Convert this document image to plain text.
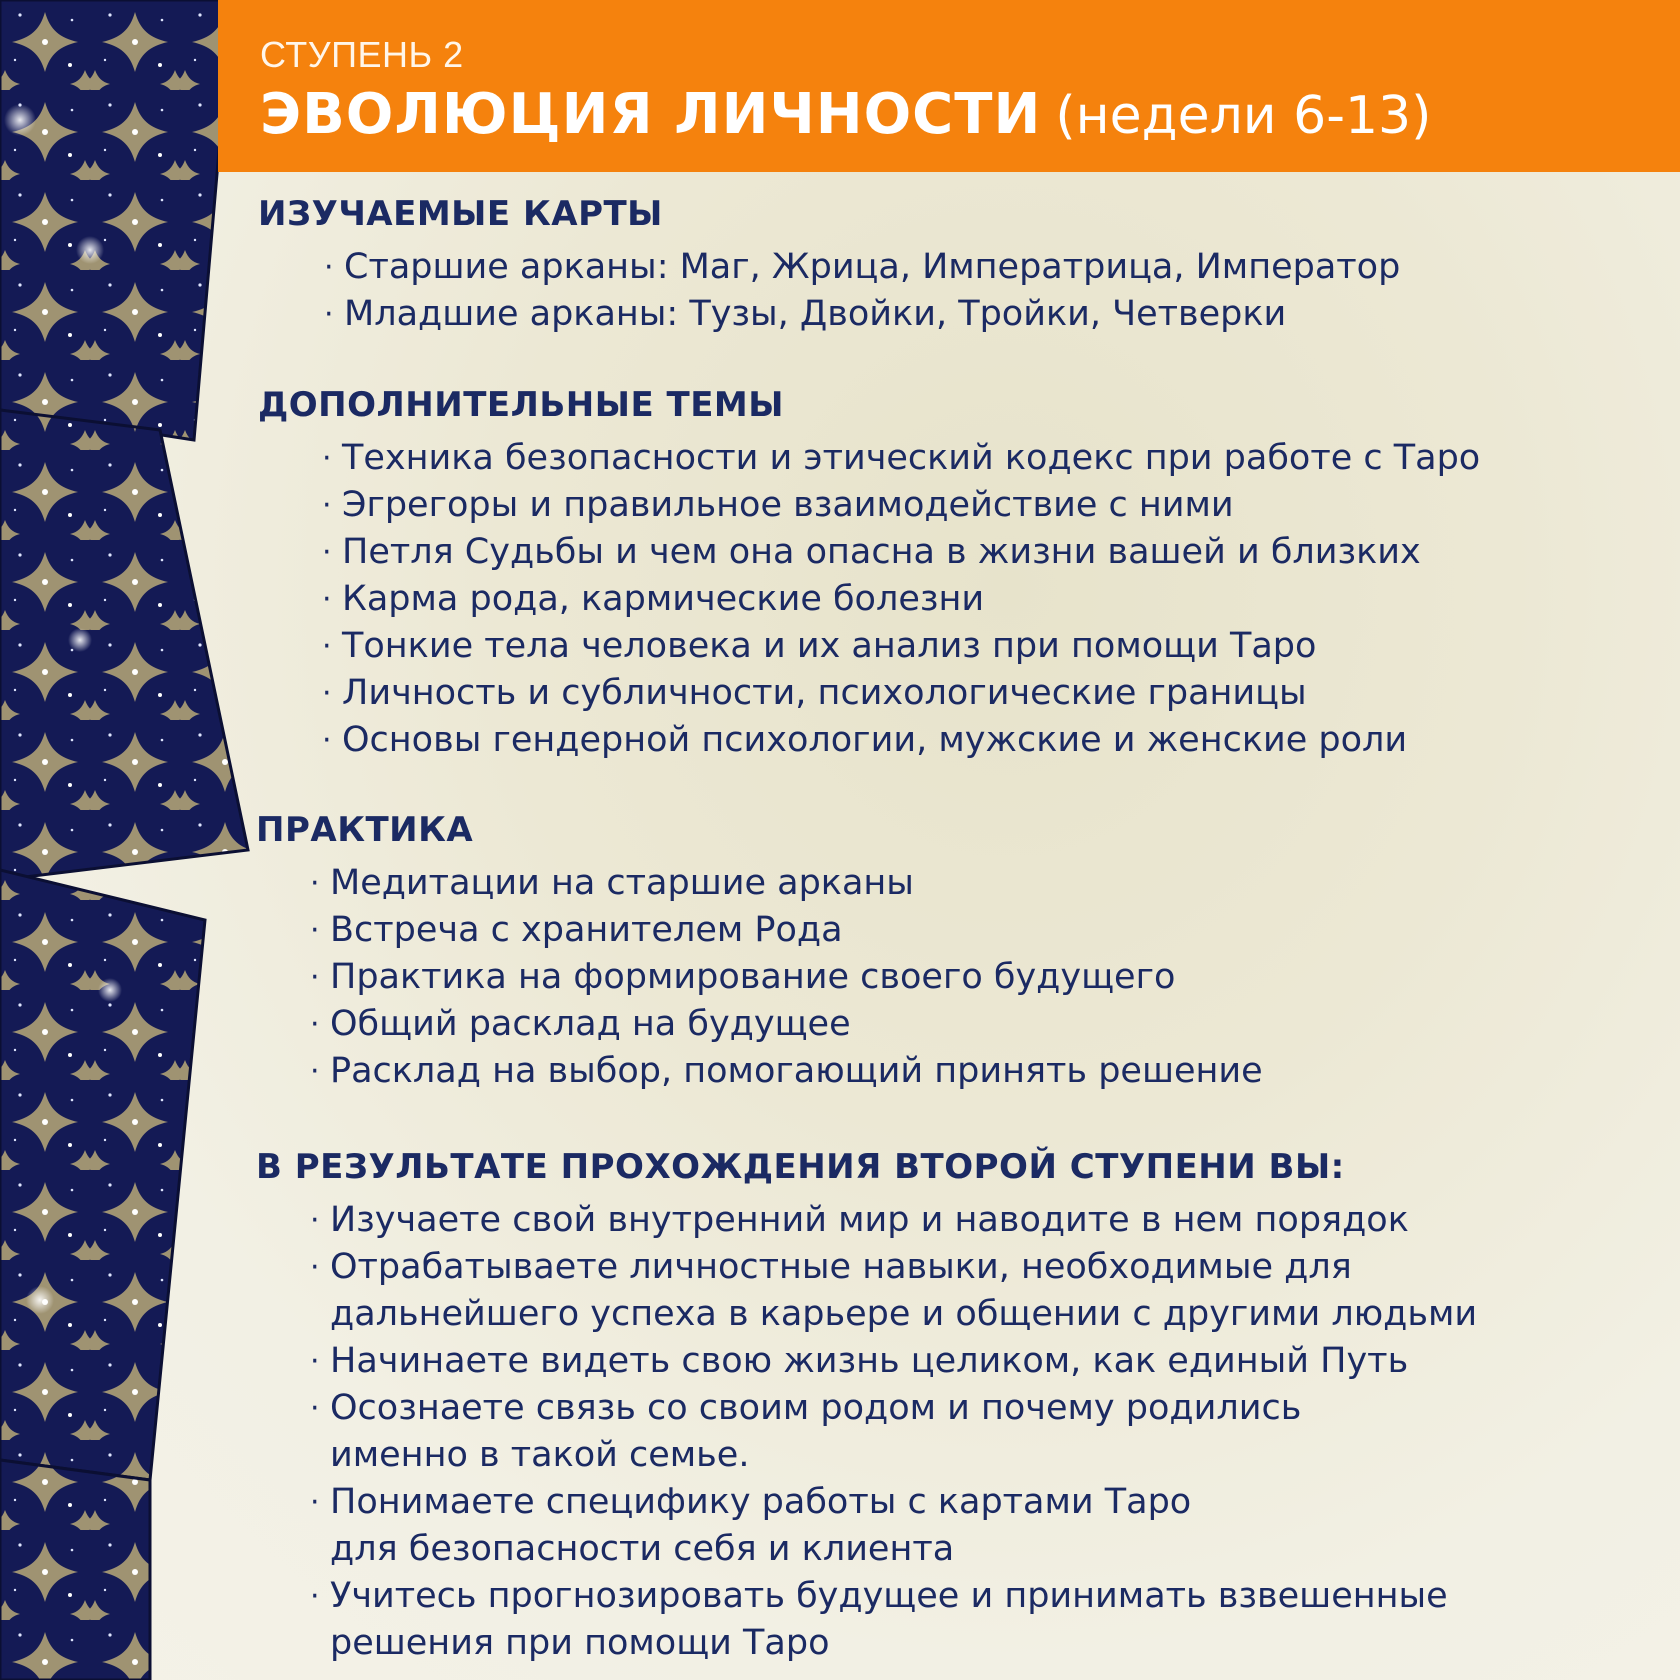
СТУПЕНЬ 2
ЭВОЛЮЦИЯ ЛИЧНОСТИ (недели 6-13)
ИЗУЧАЕМЫЕ КАРТЫ
· Старшие арканы: Маг, Жрица, Императрица, Император
· Младшие арканы: Тузы, Двойки, Тройки, Четверки
ДОПОЛНИТЕЛЬНЫЕ ТЕМЫ
· Техника безопасности и этический кодекс при работе с Таро
· Эгрегоры и правильное взаимодействие с ними
· Петля Судьбы и чем она опасна в жизни вашей и близких
· Карма рода, кармические болезни
· Тонкие тела человека и их анализ при помощи Таро
· Личность и субличности, психологические границы
· Основы гендерной психологии, мужские и женские роли
ПРАКТИКА
· Медитации на старшие арканы
· Встреча с хранителем Рода
· Практика на формирование своего будущего
· Общий расклад на будущее
· Расклад на выбор, помогающий принять решение
В РЕЗУЛЬТАТЕ ПРОХОЖДЕНИЯ ВТОРОЙ СТУПЕНИ ВЫ:
· Изучаете свой внутренний мир и наводите в нем порядок
· Отрабатываете личностные навыки, необходимые для
дальнейшего успеха в карьере и общении с другими людьми
· Начинаете видеть свою жизнь целиком, как единый Путь
· Осознаете связь со своим родом и почему родились
именно в такой семье.
· Понимаете специфику работы с картами Таро
для безопасности себя и клиента
· Учитесь прогнозировать будущее и принимать взвешенные
решения при помощи Таро
